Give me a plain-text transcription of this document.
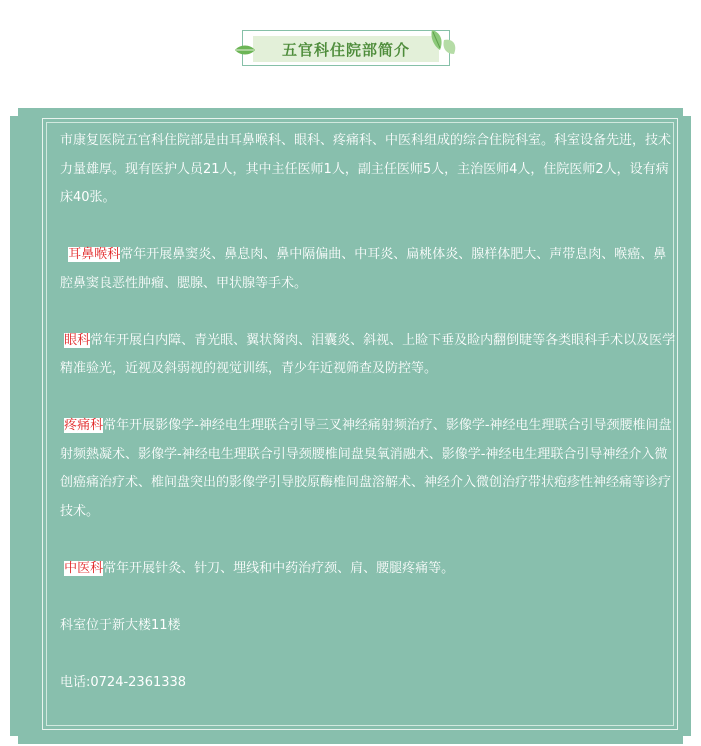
五官科住院部简介

市康复医院五官科住院部是由耳鼻喉科、眼科、疼痛科、中医科组成的综合住院科室。科室设备先进，技术力量雄厚。现有医护人员21人，其中主任医师1人，副主任医师5人，主治医师4人，住院医师2人，设有病床40张。

耳鼻喉科常年开展鼻窦炎、鼻息肉、鼻中隔偏曲、中耳炎、扁桃体炎、腺样体肥大、声带息肉、喉癌、鼻腔鼻窦良恶性肿瘤、腮腺、甲状腺等手术。

眼科常年开展白内障、青光眼、翼状胬肉、泪囊炎、斜视、上睑下垂及睑内翻倒睫等各类眼科手术以及医学精准验光，近视及斜弱视的视觉训练，青少年近视筛查及防控等。

疼痛科常年开展影像学-神经电生理联合引导三叉神经痛射频治疗、影像学-神经电生理联合引导颈腰椎间盘射频熱凝术、影像学-神经电生理联合引导颈腰椎间盘臭氧消融术、影像学-神经电生理联合引导神经介入微创癌痛治疗术、椎间盘突出的影像学引导胶原酶椎间盘溶解术、神经介入微创治疗带状疱疹性神经痛等诊疗技术。

中医科常年开展针灸、针刀、埋线和中药治疗颈、肩、腰腿疼痛等。

科室位于新大楼11楼

电话:0724-2361338
